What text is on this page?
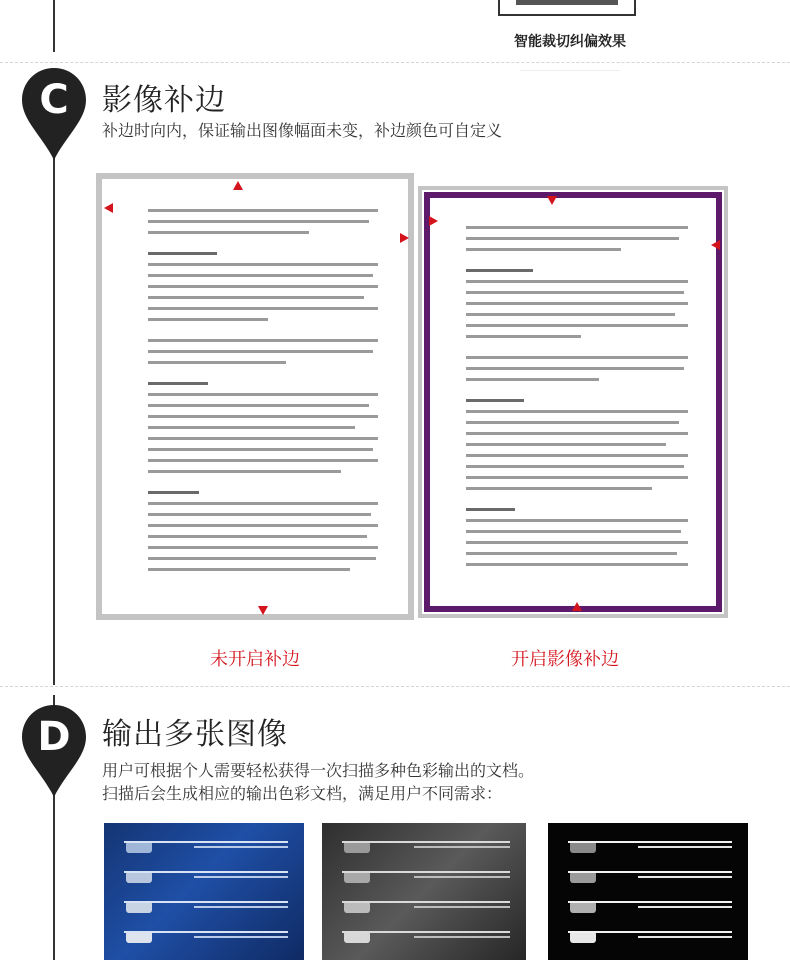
智能裁切纠偏效果
C	影像补边
补边时向内，保证输出图像幅面未变，补边颜色可自定义
未开启补边	开启影像补边
D	输出多张图像
用户可根据个人需要轻松获得一次扫描多种色彩输出的文档。
扫描后会生成相应的输出色彩文档，满足用户不同需求：
